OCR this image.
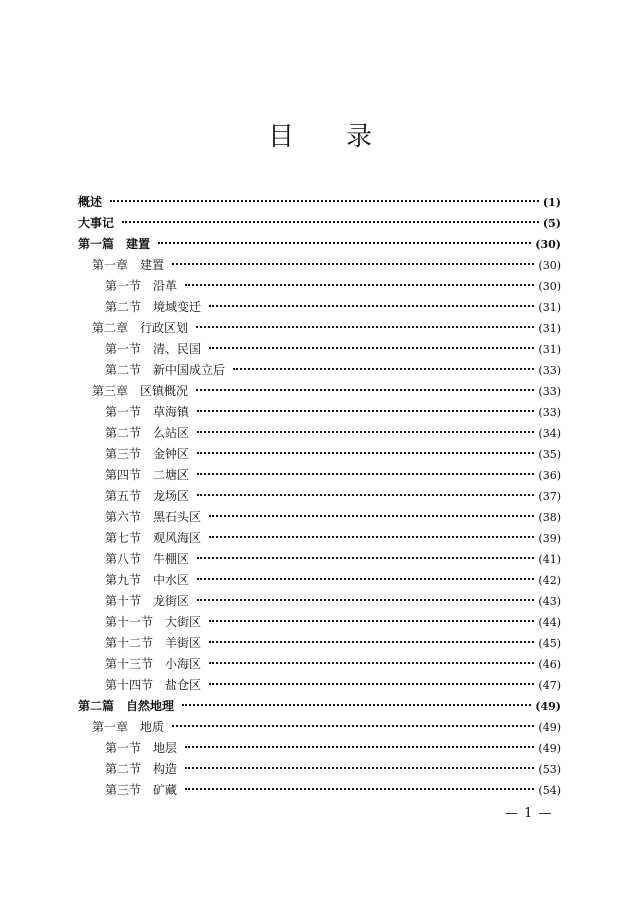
目 录
概述	(1)
大事记	(5)
第一篇 建置	(30)
第一章 建置	(30)
第一节 沿革	(30)
第二节 境域变迁	(31)
第二章 行政区划	(31)
第一节 清、民国	(31)
第二节 新中国成立后	(33)
第三章 区镇概况	(33)
第一节 草海镇	(33)
第二节 么站区	(34)
第三节 金钟区	(35)
第四节 二塘区	(36)
第五节 龙场区	(37)
第六节 黑石头区	(38)
第七节 观风海区	(39)
第八节 牛棚区	(41)
第九节 中水区	(42)
第十节 龙街区	(43)
第十一节 大街区	(44)
第十二节 羊街区	(45)
第十三节 小海区	(46)
第十四节 盐仓区	(47)
第二篇 自然地理	(49)
第一章 地质	(49)
第一节 地层	(49)
第二节 构造	(53)
第三节 矿藏	(54)
— 1 —
